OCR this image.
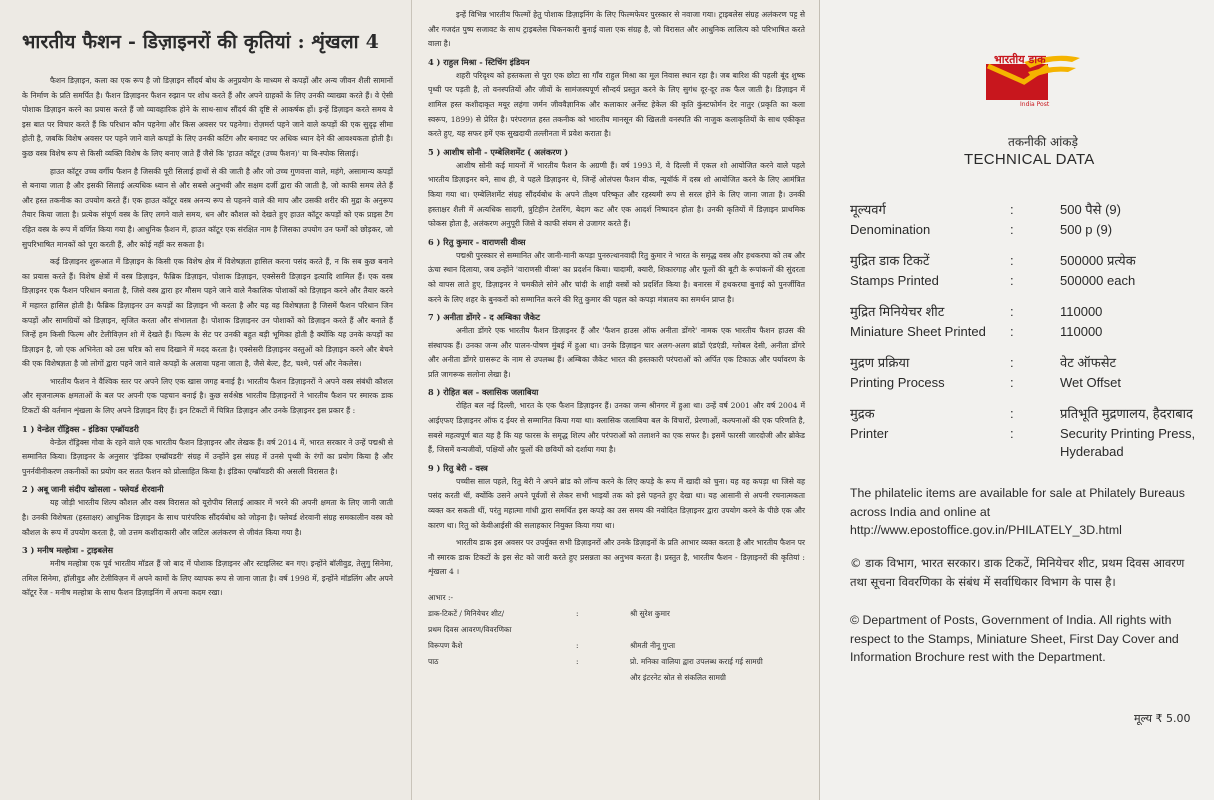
भारतीय फैशन - डिज़ाइनरों की कृतियां : शृंखला 4

फैशन डिज़ाइन, कला का एक रूप है जो डिज़ाइन सौंदर्य बोध के अनुप्रयोग के माध्यम से कपड़ों और अन्य जीवन शैली सामानों के निर्माण के प्रति समर्पित है। फैशन डिज़ाइनर फैशन रुझान पर शोध करते हैं और अपने ग्राहकों के लिए उनकी व्याख्या करते हैं। वे ऐसी पोशाक डिज़ाइन करने का प्रयास करते हैं जो व्यावहारिक होने के साथ-साथ सौंदर्य की दृष्टि से आकर्षक हों। इन्हें डिज़ाइन करते समय वे इस बात पर विचार करते हैं कि परिधान कौन पहनेगा और किस अवसर पर पहनेगा। रोज़मर्रा पहने जाने वाले कपड़ों की एक सुदृढ़ सीमा होती है, जबकि विशेष अवसर पर पहने जाने वाले कपड़ों के लिए उनकी कटिंग और बनावट पर अधिक ध्यान देने की आवश्यकता होती है। कुछ वस्त्र विशेष रूप से किसी व्यक्ति विशेष के लिए बनाए जाते हैं जैसे कि 'हाउत कॉटूर (उच्च फैशन)' या बि-स्पोक सिलाई।

हाउत कॉटूर उच्च वर्गीय फैशन है जिसकी पूरी सिलाई हाथों से की जाती है और जो उच्च गुणवत्ता वाले, महंगे, असामान्य कपड़ों से बनाया जाता है और इसकी सिलाई अत्यधिक ध्यान से और सबसे अनुभवी और सक्षम दर्जी द्वारा की जाती है, जो काफी समय लेते हैं और हस्त तकनीक का उपयोग करते हैं। एक हाउत कॉटूर वस्त्र अनन्य रूप से पहनने वाले की माप और उसकी शरीर की मुद्रा के अनुरूप तैयार किया जाता है। प्रत्येक संपूर्ण वस्त्र के लिए लगने वाले समय, धन और कौशल को देखते हुए हाउत कॉटूर कपड़ों को एक प्राइस टैग रहित वस्त्र के रूप में वर्णित किया गया है। आधुनिक फ़ैशन में, हाउत कॉटूर एक संरक्षित नाम है जिसका उपयोग उन फर्मों को छोड़कर, जो सुपरिभाषित मानकों को पूरा करती हैं, और कोई नहीं कर सकता है।

कई डिज़ाइनर शुरूआत में डिज़ाइन के किसी एक विशेष क्षेत्र में विशेषज्ञता हासिल करना पसंद करते हैं, न कि सब कुछ बनाने का प्रयास करते हैं। विशेष क्षेत्रों में वस्त्र डिज़ाइन, फैब्रिक डिज़ाइन, पोशाक डिज़ाइन, एक्सेसरी डिज़ाइन इत्यादि शामिल हैं। एक वस्त्र डिज़ाइनर एक फैशन परिधान बनाता है, जिसे वस्त्र द्वारा हर मौसम पहने जाने वाले नैकालिक पोशाकों को डिज़ाइन करने और तैयार करने में महारत हासिल होती है। फैब्रिक डिज़ाइनर उन कपड़ों का डिज़ाइन भी करता है और यह वह विशेषज्ञता है जिसमें फैशन परिधान जिन कपड़ों और सामग्रियों को डिज़ाइन, सृजित करता और संभालता है। पोशाक डिज़ाइनर उन पोशाकों को डिज़ाइन करते हैं और बनाते हैं जिन्हें हम किसी फिल्म और टेलीविज़न शो में देखते हैं। फिल्म के सेट पर उनकी बहुत बड़ी भूमिका होती है क्योंकि यह उनके कपड़ों का डिज़ाइन है, जो एक अभिनेता को उस चरित्र को सच दिखाने में मदद करता है। एक्सेसरी डिज़ाइनर वस्तुओं को डिज़ाइन करने और बेचने की एक विशेषज्ञता है जो लोगों द्वारा पहने जाने वाले कपड़ों के अलावा पहना जाता है, जैसे बेल्ट, हैट, चश्मे, पर्स और नेकलेस।

भारतीय फैशन ने वैश्विक स्तर पर अपने लिए एक खास जगह बनाई है। भारतीय फैशन डिज़ाइनरों ने अपने वस्त्र संबंधी कौशल और सृजनात्मक क्षमताओं के बल पर अपनी एक पहचान बनाई है। कुछ सर्वश्रेष्ठ भारतीय डिज़ाइनरों ने भारतीय फैशन पर स्मारक डाक टिकटों की वर्तमान शृंखला के लिए अपने डिज़ाइन दिए हैं। इन टिकटों में चित्रित डिज़ाइन और उनके डिज़ाइनर इस प्रकार हैं :

1 ) वेन्डेल रॉड्रिक्स - इंडिका एम्ब्रॉयडरी

वेन्डेल रॉड्रिक्स गोवा के रहने वाले एक भारतीय फैशन डिज़ाइनर और लेखक हैं। वर्ष 2014 में, भारत सरकार ने उन्हें पद्मश्री से सम्मानित किया। डिज़ाइनर के अनुसार 'इंडिका एम्ब्रॉयडरी' संग्रह में उन्होंने इस संग्रह में उनसे पृथ्वी के रंगों का प्रयोग किया है और पुनर्नवीनीकरण तकनीकों का प्रयोग कर सतत फैशन को प्रोत्साहित किया है। इंडिका एम्ब्रॉयडरी की असली विरासत है।

2 ) अबू जानी संदीप खोसला - फ्लेयर्ड शेरवानी

यह जोड़ी भारतीय शिल्प कौशल और वस्त्र विरासत को यूरोपीय सिलाई आकार में भरने की अपनी क्षमता के लिए जानी जाती है। उनकी विशेषता (हस्ताक्षर) आधुनिक डिज़ाइन के साथ पारंपरिक सौंदर्यबोध को जोड़ना है। फ्लेयर्ड शेरवानी संग्रह समकालीन वस्त्र को कौशल के रूप में उपयोग करता है, जो उत्तम कशीदाकारी और जटिल अलंकरण से जीवंत किया गया है।

3 ) मनीष मल्होत्रा - ट्राइबलेस

मनीष मल्होत्रा एक पूर्व भारतीय मॉडल हैं जो बाद में पोशाक डिज़ाइनर और स्टाइलिस्ट बन गए। इन्होंने बॉलीवुड, तेलुगु सिनेमा, तमिल सिनेमा, हॉलीवुड और टेलीविज़न में अपने कामों के लिए व्यापक रूप से जाना जाता है। वर्ष 1998 में, इन्होंने मॉडलिंग और अपने कॉटूर रेंज - मनीष मल्होत्रा के साथ फैशन डिज़ाइनिंग में अपना कदम रखा।

इन्हें विभिन्न भारतीय फिल्मों हेतु पोशाक डिज़ाइनिंग के लिए फिल्मफेयर पुरस्कार से नवाजा गया। ट्राइबलेस संग्रह अलंकरण पट्ट से और गजदंत पुष्प सजावट के साथ ट्राइबलेस चिकनकारी बुनाई वाला एक संग्रह है, जो विरासत और आधुनिक लालित्य को परिभाषित करते वाला है।

4 ) राहुल मिश्रा - स्टिचिंग इंडियन

शहरी परिदृश्य को हस्तकला से पूरा एक छोटा सा गाँव राहुल मिश्रा का मूल निवास स्थान रहा है। जब बारिश की पहली बूंद शुष्क पृथ्वी पर पड़ती है, तो वनस्पतियों और जीवों के सामंजस्यपूर्ण सौन्दर्य प्रस्तुत करने के लिए सुगंध दूर-दूर तक फैल जाती है। डिज़ाइन में शामिल हस्त कशीदाकृत मयूर लहंगा जर्मन जीववैज्ञानिक और कलाकार अर्नेस्ट हेकेल की कृति कुंस्टफोर्मन देर नातुर (प्रकृति का कला स्वरूप, 1899) से प्रेरित है। परंपरागत हस्त तकनीक को भारतीय मानसून की खिलती वनस्पति की नाजुक कलाकृतियों के साथ एकीकृत करते हुए, यह सफर हमें एक सुखदायी तल्लीनता में प्रवेश कराता है।

5 ) आशीष सोनी - एम्बेलिशमेंट ( अलंकरण )

आशीष सोनी कई मायनों में भारतीय फैशन के अग्रणी हैं। वर्ष 1993 में, वे दिल्ली में एकल शो आयोजित करने वाले पहले भारतीय डिज़ाइनर बने, साथ ही, वे पहले डिज़ाइनर थे, जिन्हें ओलंपस फैशन वीक, न्यूयॉर्क में दस्त्र शो आयोजित करने के लिए आमंत्रित किया गया था। एम्बेलिशमेंट संग्रह सौंदर्यबोध के अपने तीक्ष्ण परिष्कृत और रहस्यमी रूप से सरल होने के लिए जाना जाता है। उनकी हस्ताक्षर शैली में अत्यधिक सादगी, त्रुटिहीन टेलरिंग, बेदाग कट और एक आदर्श निष्पादन होता है। उनकी कृतियों में डिज़ाइन प्राथमिक फोकस होता है, अलंकरण अनुपूरी जिसे वे काफी संयम से उजागर करते हैं।

6 ) रितु कुमार - वाराणसी वीव्स

पद्मश्री पुरस्कार से सम्मानित और जानी-मानी कपड़ा पुनरुत्थानवादी रितु कुमार ने भारत के समृद्ध वस्त्र और हथकरघा को तब और ऊंचा स्थान दिलाया, जब उन्होंने 'वाराणसी वीव्स' का प्रदर्शन किया। चादामी, क्यारी, शिकारगाह और फूलों की बूटी के रूपांकनों की सुंदरता को वापस लाते हुए, डिज़ाइनर ने चमकीले सोने और चांदी के शाही वस्त्रों को प्रदर्शित किया है। बनारस में हथकरघा बुनाई को पुनर्जीवित करने के लिए शहर के बुनकरों को सम्मानित करने की रितु कुमार की पहल को कपड़ा मंत्रालय का समर्थन प्राप्त है।

7 ) अनीता डोंगरे - द अम्बिका जैकेट

अनीता डोंगरे एक भारतीय फैशन डिज़ाइनर हैं और 'फैशन हाउस ऑफ अनीता डोंगरे' नामक एक भारतीय फैशन हाउस की संस्थापक हैं। उनका जन्म और पालन-पोषण मुंबई में हुआ था। उनके डिज़ाइन चार अलग-अलग ब्रांडों एंडएंडी, ग्लोबल देसी, अनीता डोंगरे और अनीता डोंगरे ग्रासरूट के नाम से उपलब्ध हैं। अम्बिका जैकेट भारत की हस्तकारी परंपराओं को अर्पित एक टिकाऊ और पर्यावरण के प्रति जागरूक सलोना लेखा है।

8 ) रोहित बल - क्लासिक जलाबिया

रोहित बल नई दिल्ली, भारत के एक फैशन डिज़ाइनर हैं। उनका जन्म श्रीनगर में हुआ था। उन्हें वर्ष 2001 और वर्ष 2004 में आईएफए डिज़ाइनर ऑफ द ईयर से सम्मानित किया गया था। क्लासिक जलाबिया बल के विचारों, प्रेरणाओं, कल्पनाओं की एक परिणति है, सबसे महत्वपूर्ण बात यह है कि यह फारस के समृद्ध शिल्प और परंपराओं को तलाशने का एक सफर है। इसमें फारसी जारदोजी और ब्रोकेड हैं, जिसमें वन्यजीवों, पक्षियों और फूलों की छवियों को दर्शाया गया है।

9 ) रितु बेरी - वस्त्र

पच्चीस साल पहले, रितु बेरी ने अपने ब्रांड को लॉन्च करने के लिए कपड़े के रूप में खादी को चुना। यह वह कपड़ा था जिसे वह पसंद करती थीं, क्योंकि उसने अपने पूर्वजों से लेकर सभी भाइयों तक को इसे पहनते हुए देखा था। यह आसानी से अपनी रचनात्मकता व्यक्त कर सकती थीं, परंतु महात्मा गांधी द्वारा समर्थित इस कपड़े का उस समय की नवोदित डिज़ाइनर द्वारा उपयोग करने के पीछे एक और कारण था। रितु को केवीआईसी की सलाहकार नियुक्त किया गया था।

भारतीय डाक इस अवसर पर उपर्युक्त सभी डिज़ाइनरों और उनके डिज़ाइनों के प्रति आभार व्यक्त करता है और भारतीय फैशन पर नौ स्मारक डाक टिकटों के इस सेट को जारी करते हुए प्रसन्नता का अनुभव करता है। प्रस्तुत है, भारतीय फैशन - डिज़ाइनरों की कृतियां : शृंखला 4 ।

आभार :-
डाक-टिकटें / मिनियेचर शीट/	:	श्री सुरेश कुमार
प्रथम दिवस आवरण/विवरणिका
विरूपण कैशे	:	श्रीमती नीनू गुप्ता
पाठ	:	प्रो. मनिका वालिया द्वारा उपलब्ध कराई गई सामग्री
और इंटरनेट स्रोत से संकलित सामग्री
भारतीय डाक
India Post
तकनीकी आंकड़े
TECHNICAL DATA
मूल्यवर्ग	:	500 पैसे (9)
Denomination	:	500 p (9)
मुद्रित डाक टिकटें	:	500000 प्रत्येक
Stamps Printed	:	500000 each
मुद्रित मिनियेचर शीट	:	110000
Miniature Sheet Printed	:	110000
मुद्रण प्रक्रिया	:	वेट ऑफसेट
Printing Process	:	Wet Offset
मुद्रक	:	प्रतिभूति मुद्रणालय, हैदराबाद
Printer	:	Security Printing Press, Hyderabad
The philatelic items are available for sale at Philately Bureaus across India and online at http://www.epostoffice.gov.in/PHILATELY_3D.html
© डाक विभाग, भारत सरकार। डाक टिकटें, मिनियेचर शीट, प्रथम दिवस आवरण तथा सूचना विवरणिका के संबंध में सर्वाधिकार विभाग के पास है।
© Department of Posts, Government of India. All rights with respect to the Stamps, Miniature Sheet, First Day Cover and Information Brochure rest with the Department.
मूल्य ₹ 5.00
